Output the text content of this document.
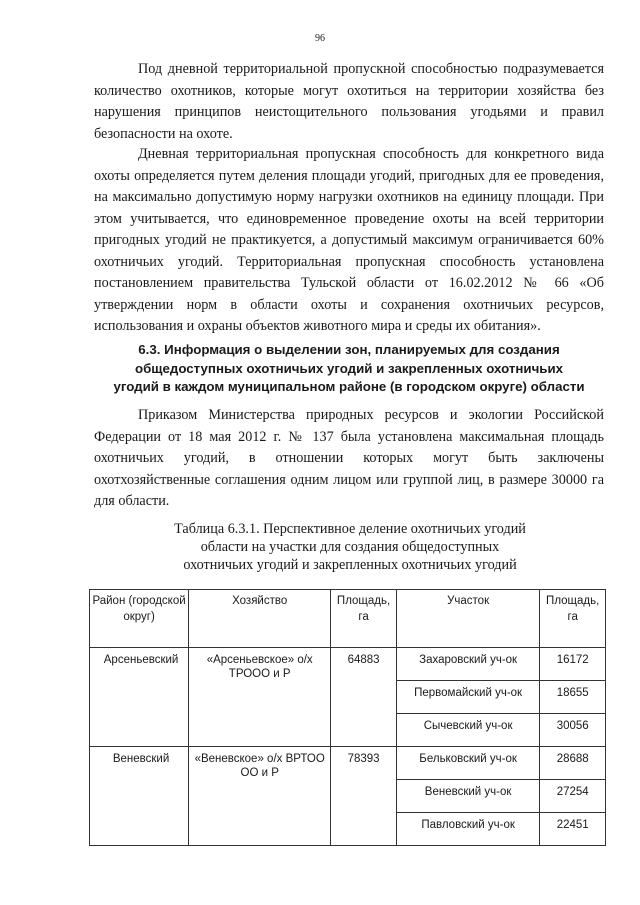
96

Под дневной территориальной пропускной способностью подразумевается количество охотников, которые могут охотиться на территории хозяйства без нарушения принципов неистощительного пользования угодьями и правил безопасности на охоте.

Дневная территориальная пропускная способность для конкретного вида охоты определяется путем деления площади угодий, пригодных для ее проведения, на максимально допустимую норму нагрузки охотников на единицу площади. При этом учитывается, что единовременное проведение охоты на всей территории пригодных угодий не практикуется, а допустимый максимум ограничивается 60% охотничьих угодий. Территориальная пропускная способность установлена постановлением правительства Тульской области от 16.02.2012 № 66 «Об утверждении норм в области охоты и сохранения охотничьих ресурсов, использования и охраны объектов животного мира и среды их обитания».

6.3. Информация о выделении зон, планируемых для создания
общедоступных охотничьих угодий и закрепленных охотничьих
угодий в каждом муниципальном районе (в городском округе) области

Приказом Министерства природных ресурсов и экологии Российской Федерации от 18 мая 2012 г. № 137 была установлена максимальная площадь охотничьих угодий, в отношении которых могут быть заключены охотхозяйственные соглашения одним лицом или группой лиц, в размере 30000 га для области.

Таблица 6.3.1. Перспективное деление охотничьих угодий
области на участки для создания общедоступных
охотничьих угодий и закрепленных охотничьих угодий
Район (городской округ)	Хозяйство	Площадь, га	Участок	Площадь, га
Арсеньевский	«Арсеньевское» о/х ТРООО и Р	64883	Захаровский уч-ок	16172
			Первомайский уч-ок	18655
			Сычевский уч-ок	30056
Веневский	«Веневское» о/х ВРТОО ОО и Р	78393	Бельковский уч-ок	28688
			Веневский уч-ок	27254
			Павловский уч-ок	22451
